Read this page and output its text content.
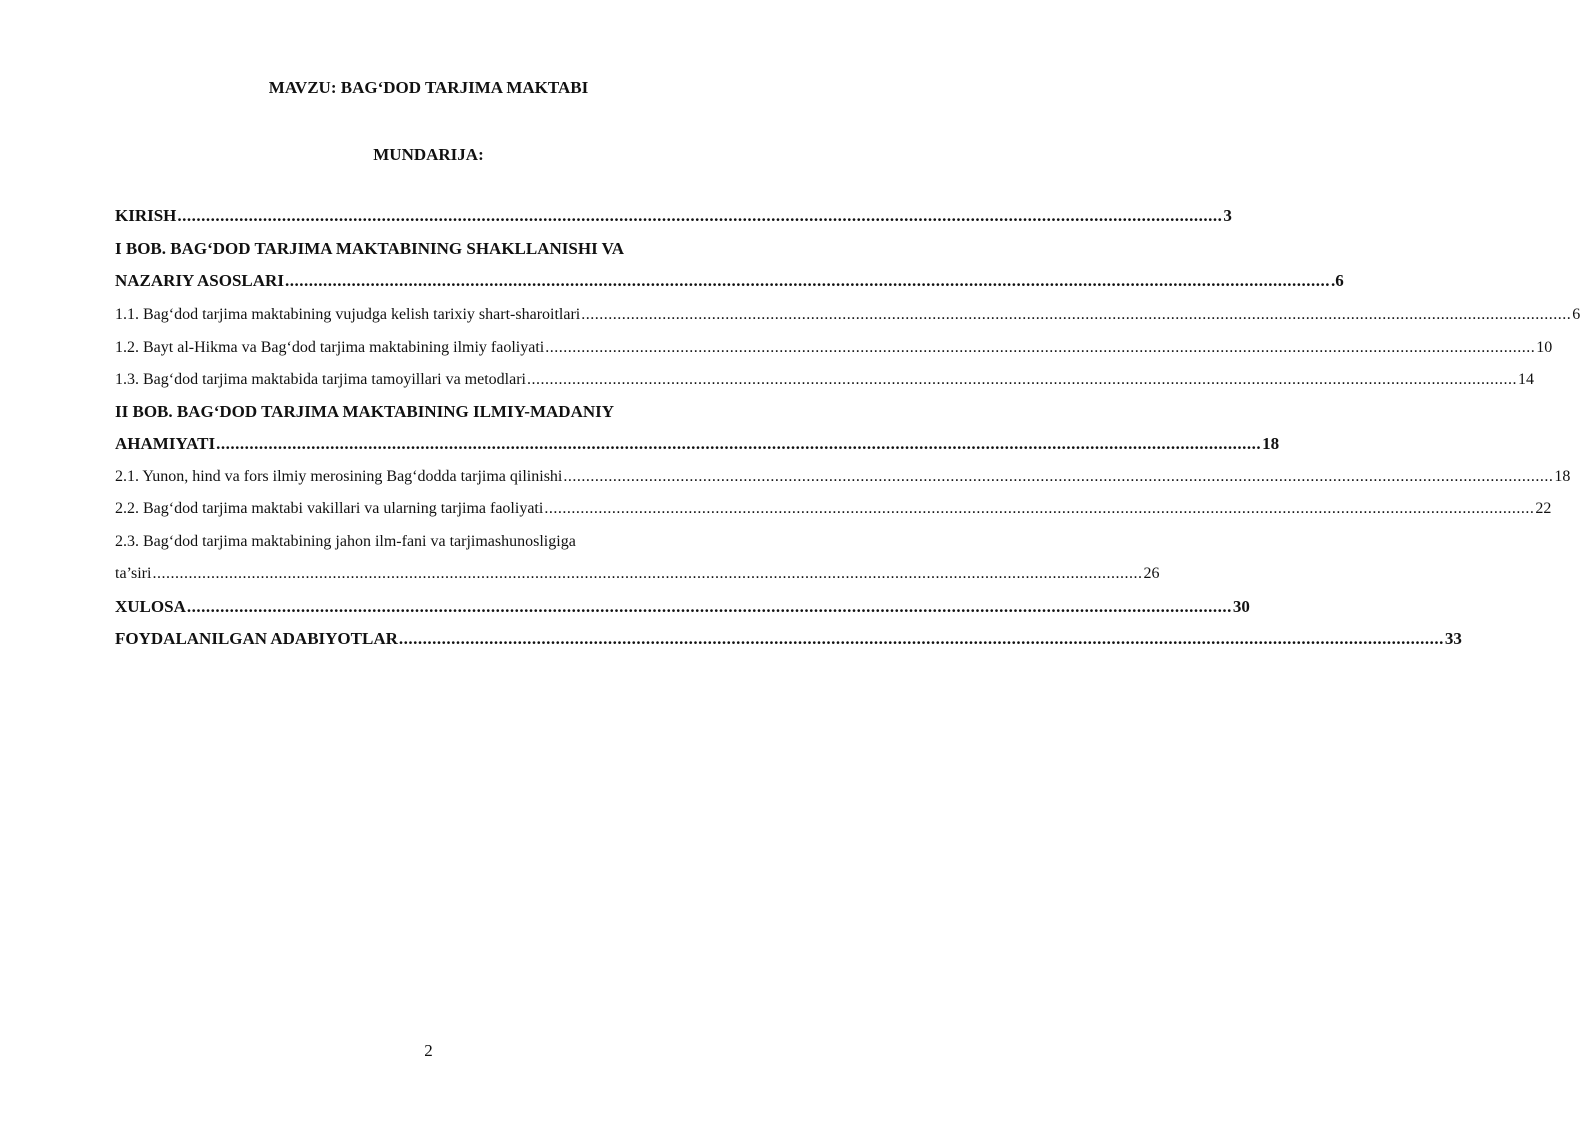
MAVZU: BAG‘DOD TARJIMA MAKTABI
MUNDARIJA:
KIRISH ............................................................................................................................................................................................................................ 3
I BOB. BAG‘DOD TARJIMA MAKTABINING SHAKLLANISHI VA
NAZARIY ASOSLARI ............................................................................................................................................................................................................................ .6
1.1. Bag‘dod tarjima maktabining vujudga kelish tarixiy shart-sharoitlari ............................................................................................................................................................................................................................ 6
1.2. Bayt al-Hikma va Bag‘dod tarjima maktabining ilmiy faoliyati ............................................................................................................................................................................................................................ 10
1.3. Bag‘dod tarjima maktabida tarjima tamoyillari va metodlari ............................................................................................................................................................................................................................ 14
II BOB. BAG‘DOD TARJIMA MAKTABINING ILMIY-MADANIY
AHAMIYATI ............................................................................................................................................................................................................................ 18
2.1. Yunon, hind va fors ilmiy merosining Bag‘dodda tarjima qilinishi ............................................................................................................................................................................................................................ 18
2.2. Bag‘dod tarjima maktabi vakillari va ularning tarjima faoliyati ............................................................................................................................................................................................................................ 22
2.3. Bag‘dod tarjima maktabining jahon ilm-fani va tarjimashunosligiga
ta’siri ............................................................................................................................................................................................................................ 26
XULOSA ............................................................................................................................................................................................................................ 30
FOYDALANILGAN ADABIYOTLAR ............................................................................................................................................................................................................................ 33
2
